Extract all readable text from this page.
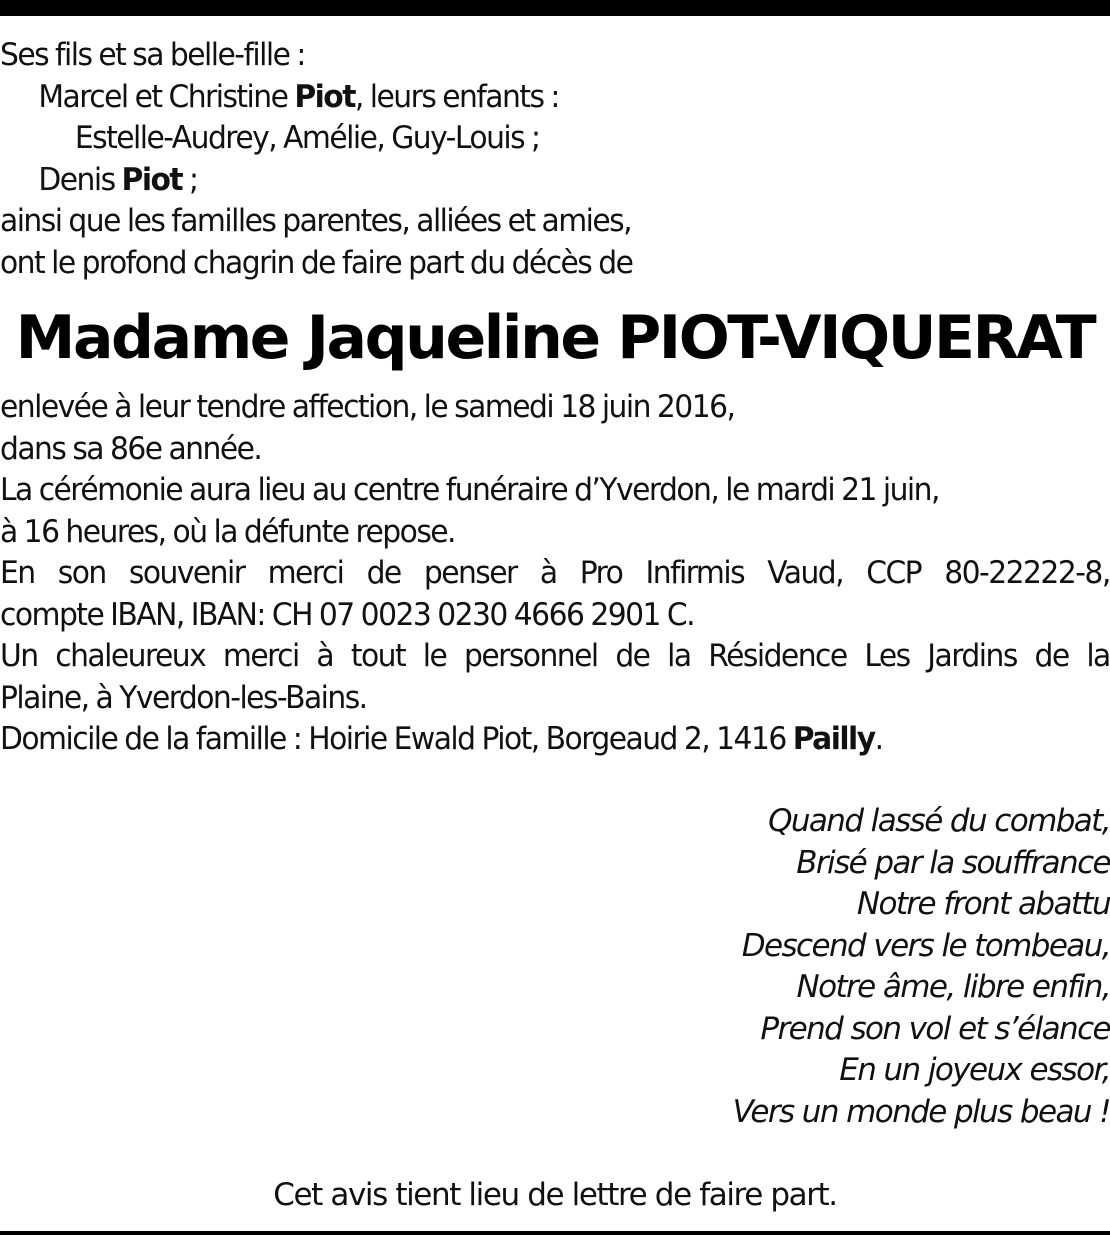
Ses fils et sa belle-fille :
Marcel et Christine Piot, leurs enfants :
Estelle-Audrey, Amélie, Guy-Louis ;
Denis Piot ;
ainsi que les familles parentes, alliées et amies,
ont le profond chagrin de faire part du décès de
Madame Jaqueline PIOT-VIQUERAT
enlevée à leur tendre affection, le samedi 18 juin 2016,
dans sa 86e année.
La cérémonie aura lieu au centre funéraire d’Yverdon, le mardi 21 juin,
à 16 heures, où la défunte repose.
En son souvenir merci de penser à Pro Infirmis Vaud, CCP 80-22222-8,
compte IBAN, IBAN: CH 07 0023 0230 4666 2901 C.
Un chaleureux merci à tout le personnel de la Résidence Les Jardins de la
Plaine, à Yverdon-les-Bains.
Domicile de la famille : Hoirie Ewald Piot, Borgeaud 2, 1416 Pailly.
Quand lassé du combat,
Brisé par la souffrance
Notre front abattu
Descend vers le tombeau,
Notre âme, libre enfin,
Prend son vol et s’élance
En un joyeux essor,
Vers un monde plus beau !
Cet avis tient lieu de lettre de faire part.
